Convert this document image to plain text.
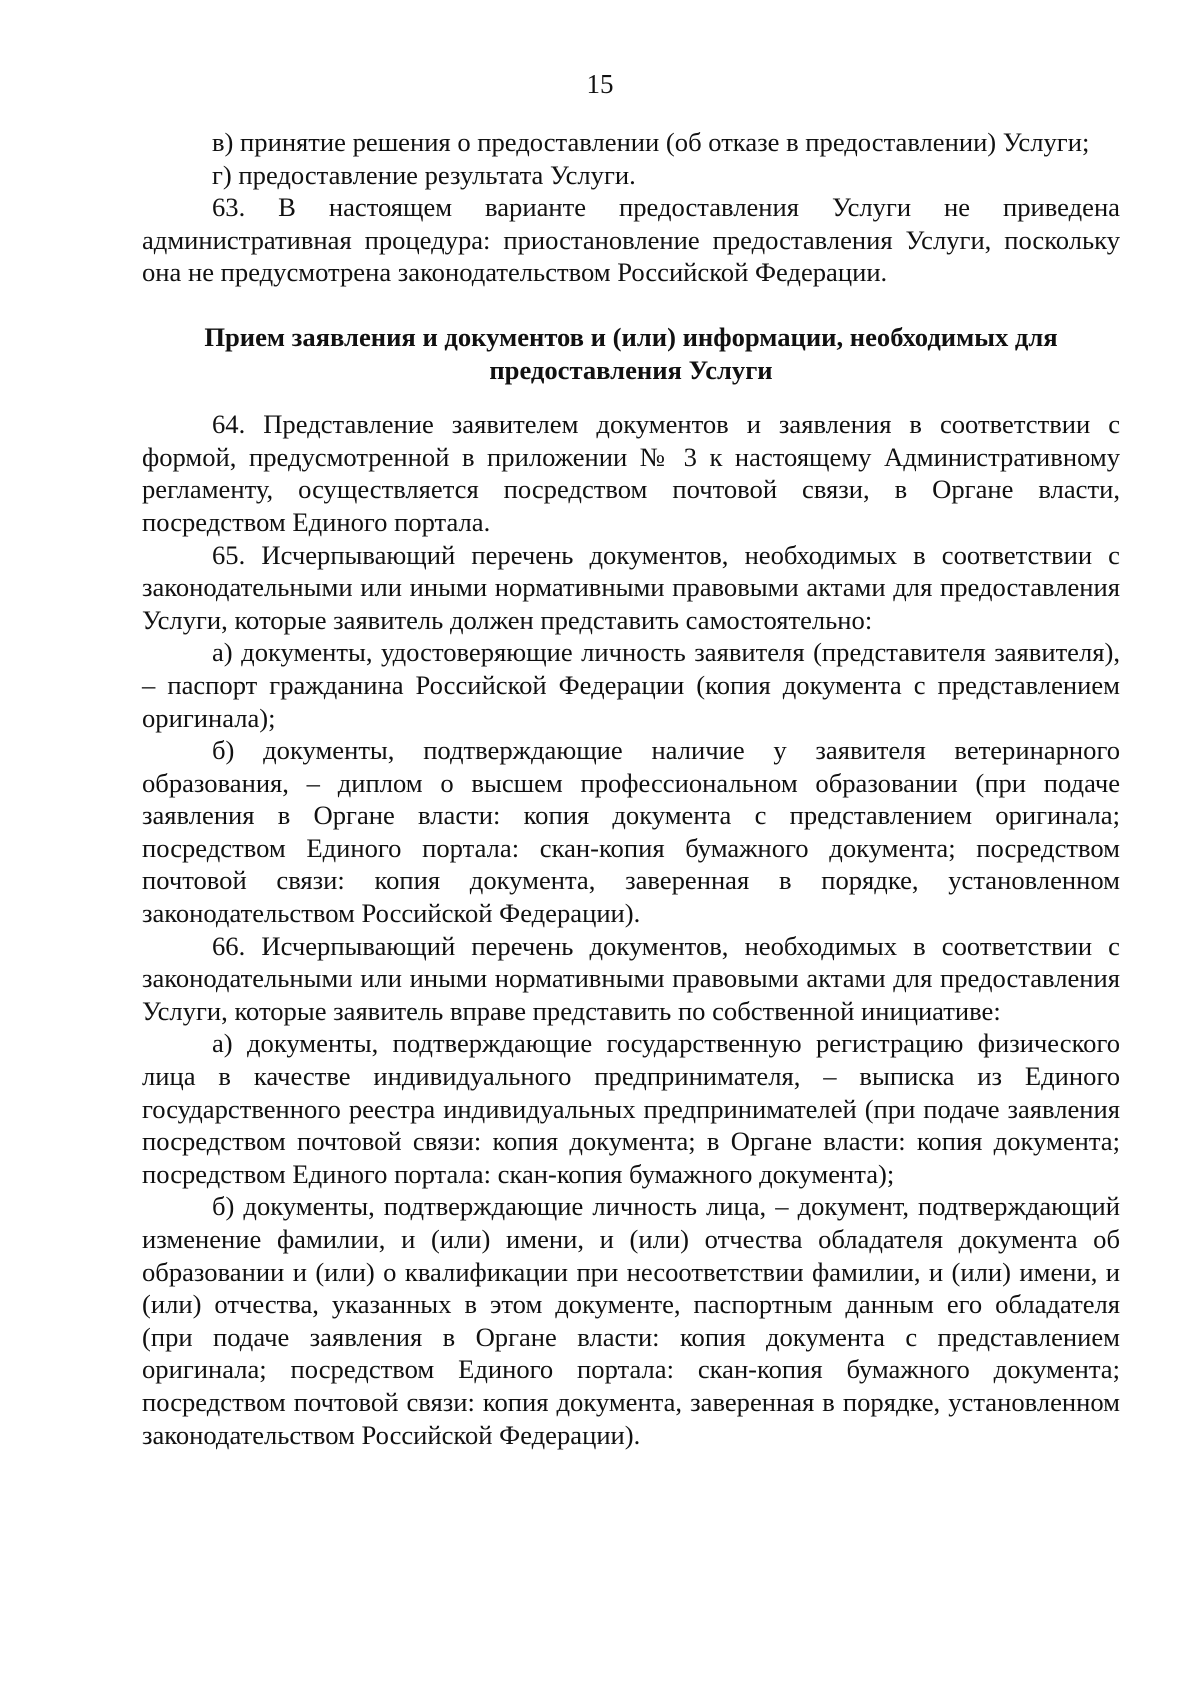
15

в) принятие решения о предоставлении (об отказе в предоставлении) Услуги;

г) предоставление результата Услуги.

63. В настоящем варианте предоставления Услуги не приведена административная процедура: приостановление предоставления Услуги, поскольку она не предусмотрена законодательством Российской Федерации.

Прием заявления и документов и (или) информации, необходимых для предоставления Услуги

64. Представление заявителем документов и заявления в соответствии с формой, предусмотренной в приложении № 3 к настоящему Административному регламенту, осуществляется посредством почтовой связи, в Органе власти, посредством Единого портала.

65. Исчерпывающий перечень документов, необходимых в соответствии с законодательными или иными нормативными правовыми актами для предоставления Услуги, которые заявитель должен представить самостоятельно:

а) документы, удостоверяющие личность заявителя (представителя заявителя), – паспорт гражданина Российской Федерации (копия документа с представлением оригинала);

б) документы, подтверждающие наличие у заявителя ветеринарного образования, – диплом о высшем профессиональном образовании (при подаче заявления в Органе власти: копия документа с представлением оригинала; посредством Единого портала: скан-копия бумажного документа; посредством почтовой связи: копия документа, заверенная в порядке, установленном законодательством Российской Федерации).

66. Исчерпывающий перечень документов, необходимых в соответствии с законодательными или иными нормативными правовыми актами для предоставления Услуги, которые заявитель вправе представить по собственной инициативе:

а) документы, подтверждающие государственную регистрацию физического лица в качестве индивидуального предпринимателя, – выписка из Единого государственного реестра индивидуальных предпринимателей (при подаче заявления посредством почтовой связи: копия документа; в Органе власти: копия документа; посредством Единого портала: скан-копия бумажного документа);

б) документы, подтверждающие личность лица, – документ, подтверждающий изменение фамилии, и (или) имени, и (или) отчества обладателя документа об образовании и (или) о квалификации при несоответствии фамилии, и (или) имени, и (или) отчества, указанных в этом документе, паспортным данным его обладателя (при подаче заявления в Органе власти: копия документа с представлением оригинала; посредством Единого портала: скан-копия бумажного документа; посредством почтовой связи: копия документа, заверенная в порядке, установленном законодательством Российской Федерации).
